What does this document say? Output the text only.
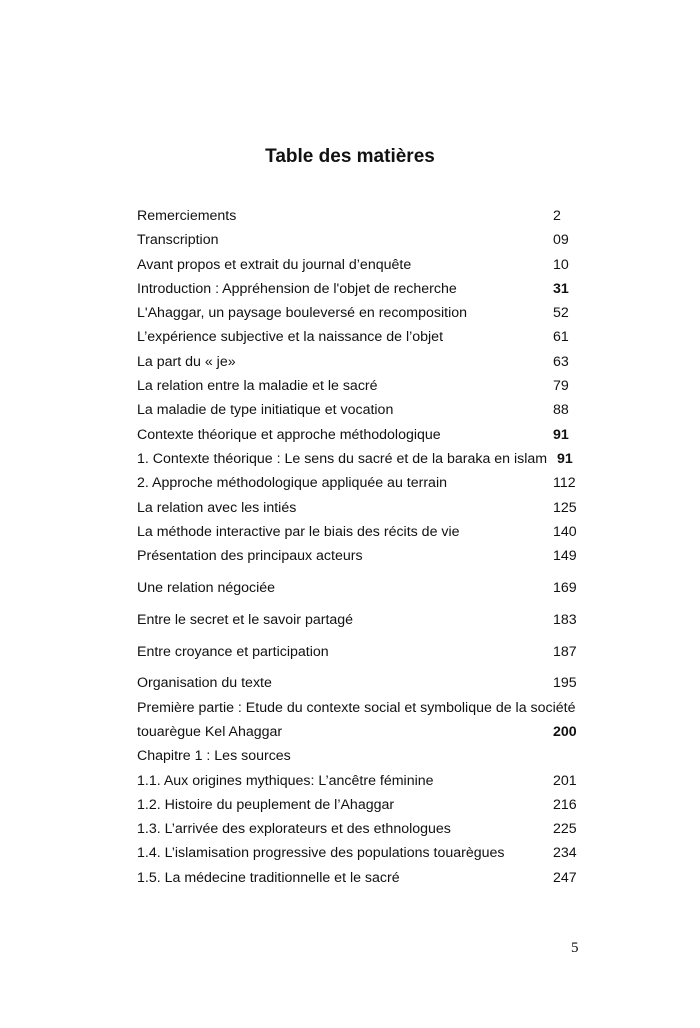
Table des matières
Remerciements	2
Transcription	09
Avant propos et extrait du journal d’enquête	10
Introduction : Appréhension de l'objet de recherche	31
L'Ahaggar, un paysage bouleversé en recomposition	52
L’expérience subjective et la naissance de l’objet	61
La part du « je»	63
La relation entre la maladie et le sacré	79
La maladie de type initiatique et vocation	88
Contexte théorique et approche méthodologique	91
1. Contexte théorique : Le sens du sacré et de la baraka en islam 91
2. Approche méthodologique appliquée au terrain	112
La relation avec les intiés	125
La méthode interactive par le biais des récits de vie	140
Présentation des principaux acteurs	149
Une relation négociée	169
Entre le secret et le savoir partagé	183
Entre croyance et participation	187
Organisation du texte	195
Première partie : Etude du contexte social et symbolique de la société
touarègue Kel Ahaggar	200
Chapitre 1 : Les sources
1.1. Aux origines mythiques: L’ancêtre féminine	201
1.2. Histoire du peuplement de l’Ahaggar	216
1.3. L’arrivée des explorateurs et des ethnologues	225
1.4. L’islamisation progressive des populations touarègues	234
1.5. La médecine traditionnelle et le sacré	247
5
